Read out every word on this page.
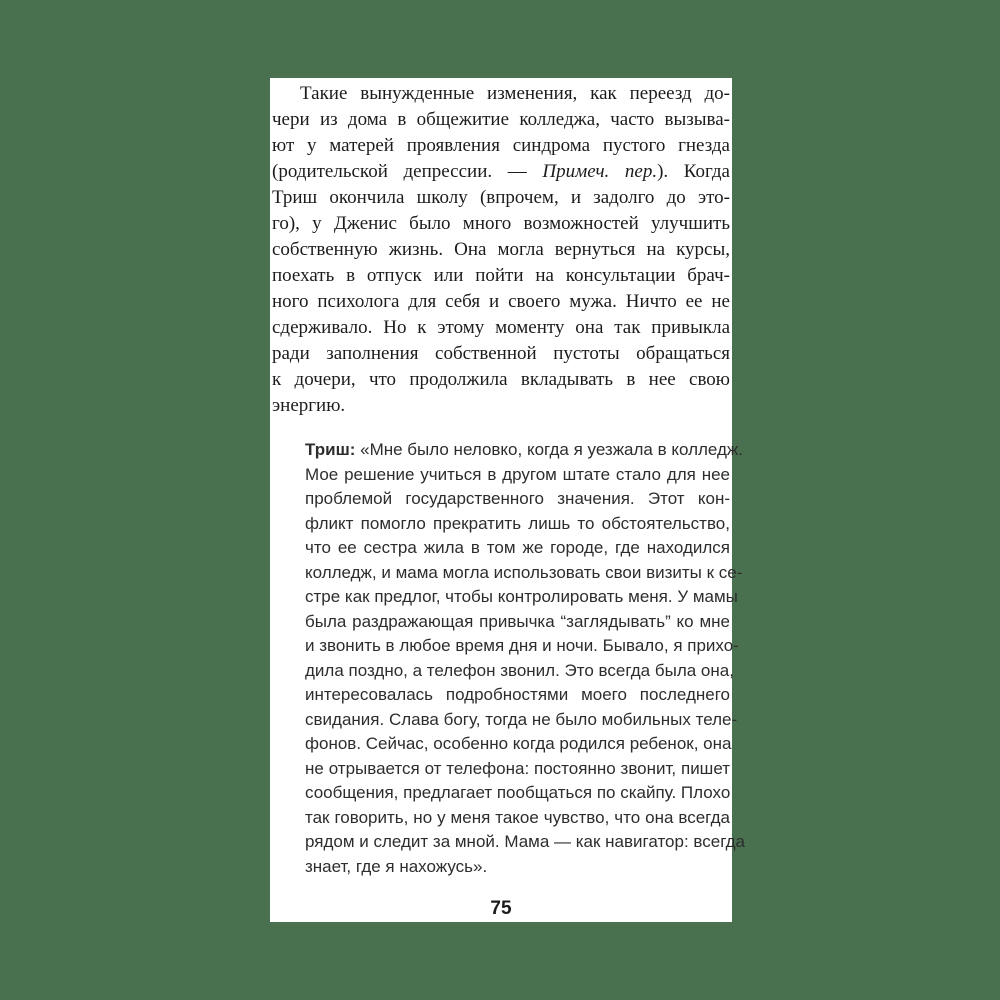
Такие вынужденные изменения, как переезд до-
чери из дома в общежитие колледжа, часто вызыва-
ют у матерей проявления синдрома пустого гнезда
(родительской депрессии. — Примеч. пер.). Когда
Триш окончила школу (впрочем, и задолго до это-
го), у Дженис было много возможностей улучшить
собственную жизнь. Она могла вернуться на курсы,
поехать в отпуск или пойти на консультации брач-
ного психолога для себя и своего мужа. Ничто ее не
сдерживало. Но к этому моменту она так привыкла
ради заполнения собственной пустоты обращаться
к дочери, что продолжила вкладывать в нее свою
энергию.
Триш: «Мне было неловко, когда я уезжала в колледж.
Мое решение учиться в другом штате стало для нее
проблемой государственного значения. Этот кон-
фликт помогло прекратить лишь то обстоятельство,
что ее сестра жила в том же городе, где находился
колледж, и мама могла использовать свои визиты к се-
стре как предлог, чтобы контролировать меня. У мамы
была раздражающая привычка “заглядывать” ко мне
и звонить в любое время дня и ночи. Бывало, я прихо-
дила поздно, а телефон звонил. Это всегда была она,
интересовалась подробностями моего последнего
свидания. Слава богу, тогда не было мобильных теле-
фонов. Сейчас, особенно когда родился ребенок, она
не отрывается от телефона: постоянно звонит, пишет
сообщения, предлагает пообщаться по скайпу. Плохо
так говорить, но у меня такое чувство, что она всегда
рядом и следит за мной. Мама — как навигатор: всегда
знает, где я нахожусь».
75
